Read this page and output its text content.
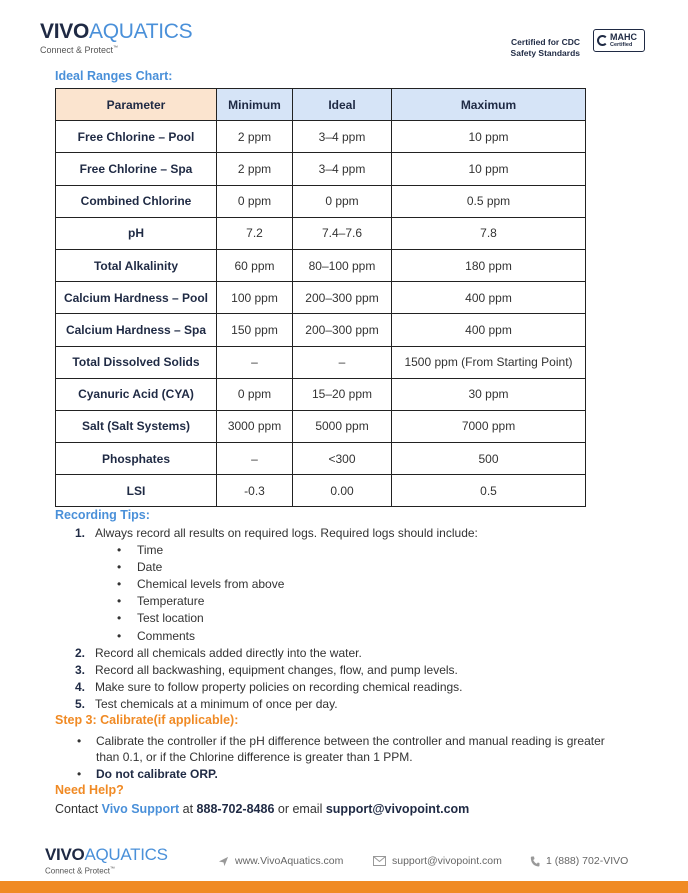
VIVOAQUATICS
Connect & Protect™
Certified for CDC
Safety Standards
MAHC
Certified
Ideal Ranges Chart:
Parameter	Minimum	Ideal	Maximum
Free Chlorine – Pool	2 ppm	3–4 ppm	10 ppm
Free Chlorine – Spa	2 ppm	3–4 ppm	10 ppm
Combined Chlorine	0 ppm	0 ppm	0.5 ppm
pH	7.2	7.4–7.6	7.8
Total Alkalinity	60 ppm	80–100 ppm	180 ppm
Calcium Hardness – Pool	100 ppm	200–300 ppm	400 ppm
Calcium Hardness – Spa	150 ppm	200–300 ppm	400 ppm
Total Dissolved Solids	–	–	1500 ppm (From Starting Point)
Cyanuric Acid (CYA)	0 ppm	15–20 ppm	30 ppm
Salt (Salt Systems)	3000 ppm	5000 ppm	7000 ppm
Phosphates	–	<300	500
LSI	-0.3	0.00	0.5
Recording Tips:
1. Always record all results on required logs. Required logs should include:
•	Time
•	Date
•	Chemical levels from above
•	Temperature
•	Test location
•	Comments
2. Record all chemicals added directly into the water.
3. Record all backwashing, equipment changes, flow, and pump levels.
4. Make sure to follow property policies on recording chemical readings.
5. Test chemicals at a minimum of once per day.
Step 3: Calibrate(if applicable):
•	Calibrate the controller if the pH difference between the controller and manual reading is greater than 0.1, or if the Chlorine difference is greater than 1 PPM.
•	Do not calibrate ORP.
Need Help?
Contact Vivo Support at 888-702-8486 or email support@vivopoint.com
VIVOAQUATICS
Connect & Protect™
www.VivoAquatics.com	support@vivopoint.com	1 (888) 702-VIVO
